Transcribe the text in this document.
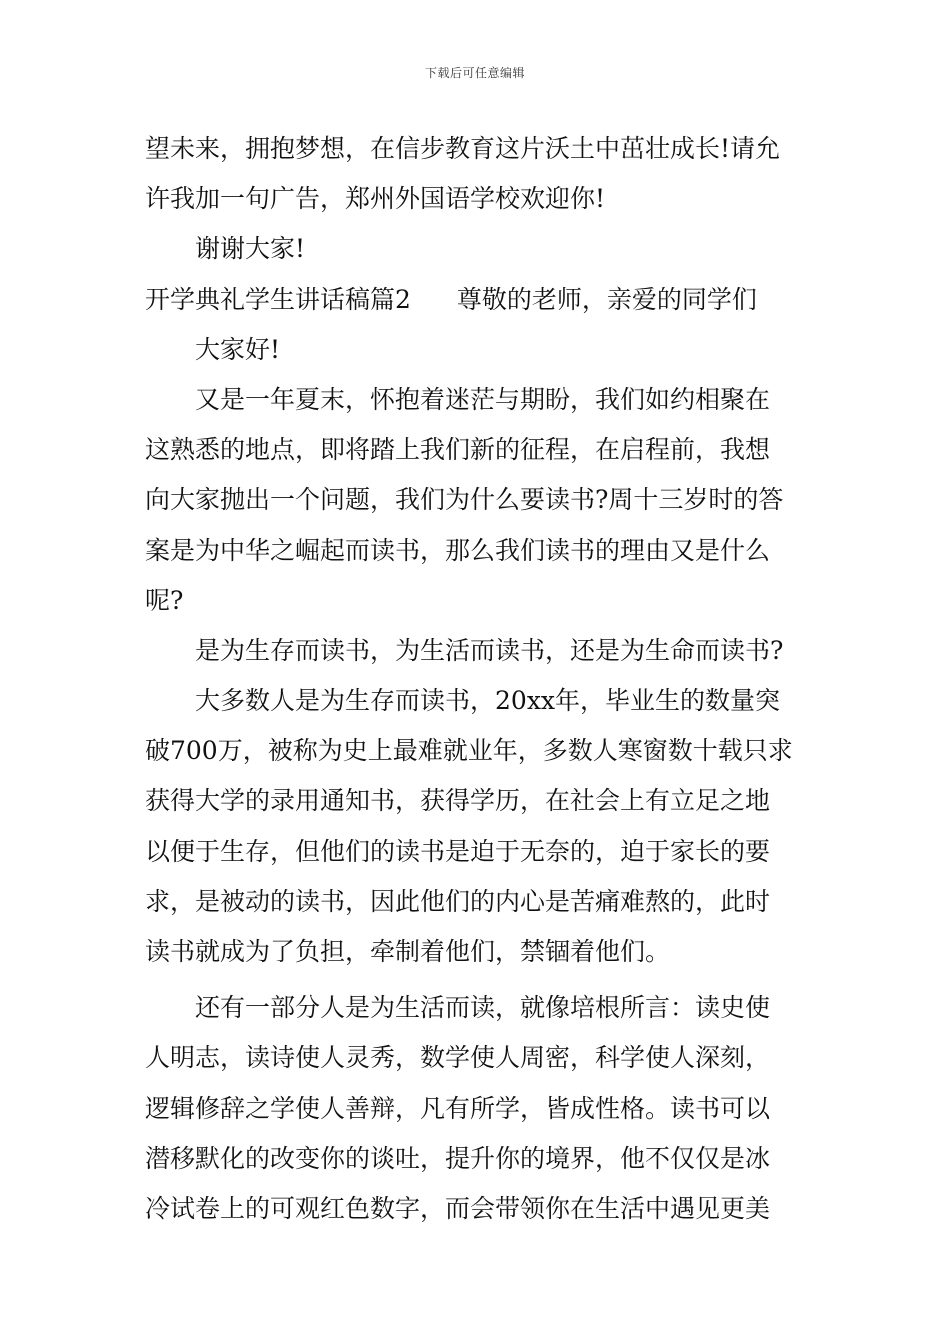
下载后可任意编辑
望未来，拥抱梦想，在信步教育这片沃土中茁壮成长!请允
许我加一句广告，郑州外国语学校欢迎你!
谢谢大家!
开学典礼学生讲话稿篇2 尊敬的老师，亲爱的同学们
大家好!
又是一年夏末，怀抱着迷茫与期盼，我们如约相聚在
这熟悉的地点，即将踏上我们新的征程，在启程前，我想
向大家抛出一个问题，我们为什么要读书?周十三岁时的答
案是为中华之崛起而读书，那么我们读书的理由又是什么
呢?
是为生存而读书，为生活而读书，还是为生命而读书?
大多数人是为生存而读书，20xx年，毕业生的数量突
破700万，被称为史上最难就业年，多数人寒窗数十载只求
获得大学的录用通知书，获得学历，在社会上有立足之地
以便于生存，但他们的读书是迫于无奈的，迫于家长的要
求，是被动的读书，因此他们的内心是苦痛难熬的，此时
读书就成为了负担，牵制着他们，禁锢着他们。
还有一部分人是为生活而读，就像培根所言：读史使
人明志，读诗使人灵秀，数学使人周密，科学使人深刻，
逻辑修辞之学使人善辩，凡有所学，皆成性格。读书可以
潜移默化的改变你的谈吐，提升你的境界，他不仅仅是冰
冷试卷上的可观红色数字，而会带领你在生活中遇见更美
